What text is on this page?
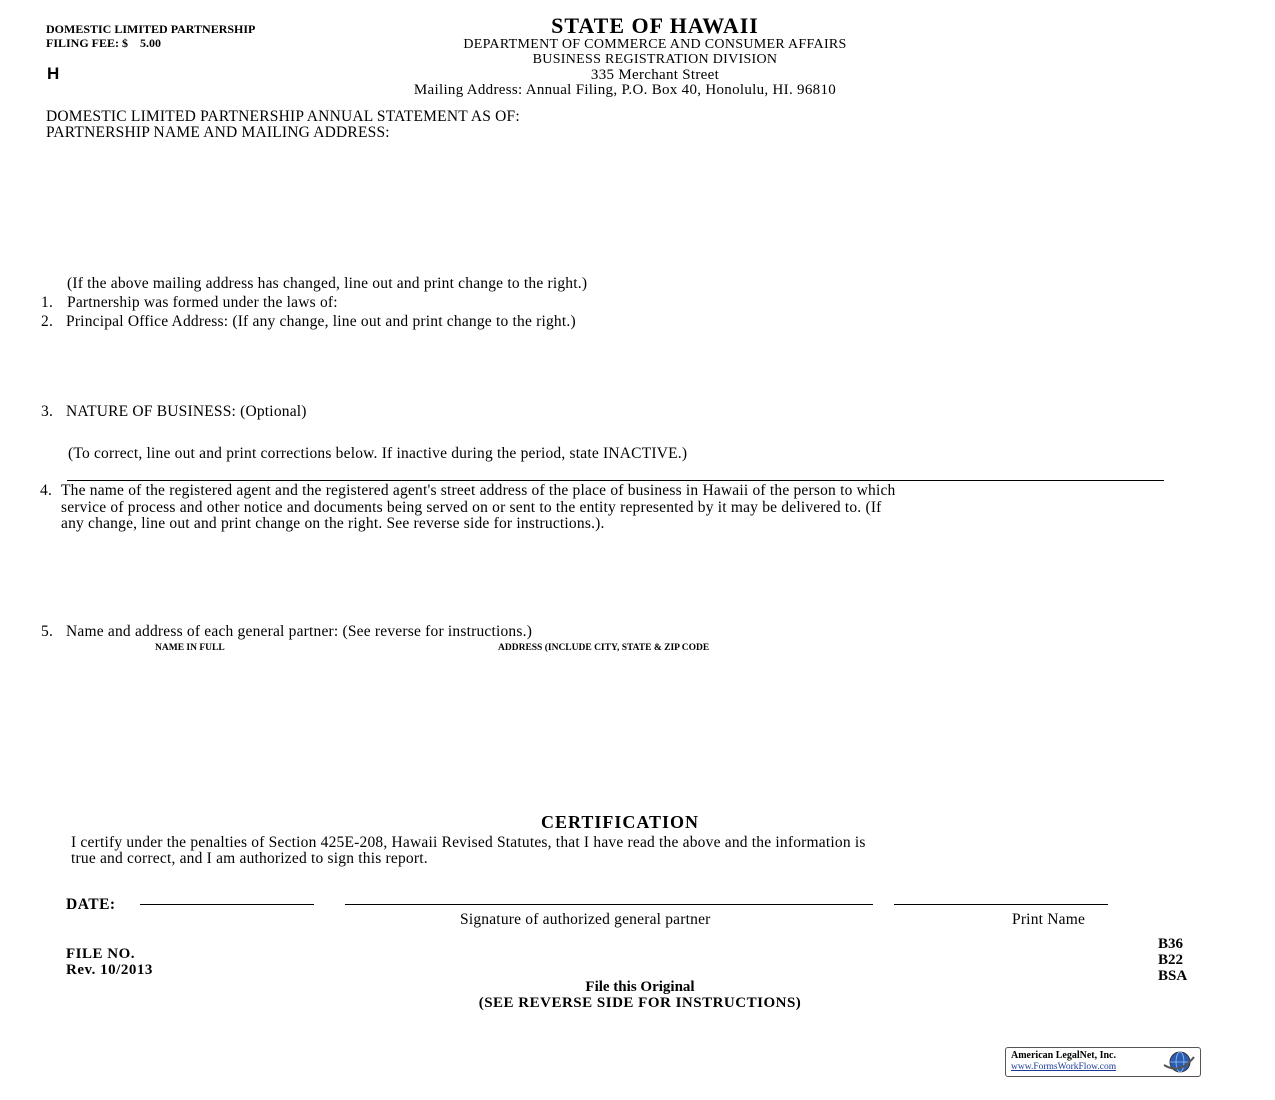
DOMESTIC LIMITED PARTNERSHIP
FILING FEE: $ 5.00
H
STATE OF HAWAII
DEPARTMENT OF COMMERCE AND CONSUMER AFFAIRS
BUSINESS REGISTRATION DIVISION
335 Merchant Street
Mailing Address: Annual Filing, P.O. Box 40, Honolulu, HI. 96810
DOMESTIC LIMITED PARTNERSHIP ANNUAL STATEMENT AS OF:
PARTNERSHIP NAME AND MAILING ADDRESS:
(If the above mailing address has changed, line out and print change to the right.)
1. Partnership was formed under the laws of:
2. Principal Office Address: (If any change, line out and print change to the right.)
3. NATURE OF BUSINESS: (Optional)
(To correct, line out and print corrections below. If inactive during the period, state INACTIVE.)
4. The name of the registered agent and the registered agent's street address of the place of business in Hawaii of the person to which
service of process and other notice and documents being served on or sent to the entity represented by it may be delivered to. (If
any change, line out and print change on the right. See reverse side for instructions.).
5. Name and address of each general partner: (See reverse for instructions.)
NAME IN FULL	ADDRESS (INCLUDE CITY, STATE & ZIP CODE
CERTIFICATION
I certify under the penalties of Section 425E-208, Hawaii Revised Statutes, that I have read the above and the information is
true and correct, and I am authorized to sign this report.
DATE:
Signature of authorized general partner	Print Name
FILE NO.
Rev. 10/2013
B36
B22
BSA
File this Original
(SEE REVERSE SIDE FOR INSTRUCTIONS)
American LegalNet, Inc.
www.FormsWorkFlow.com
